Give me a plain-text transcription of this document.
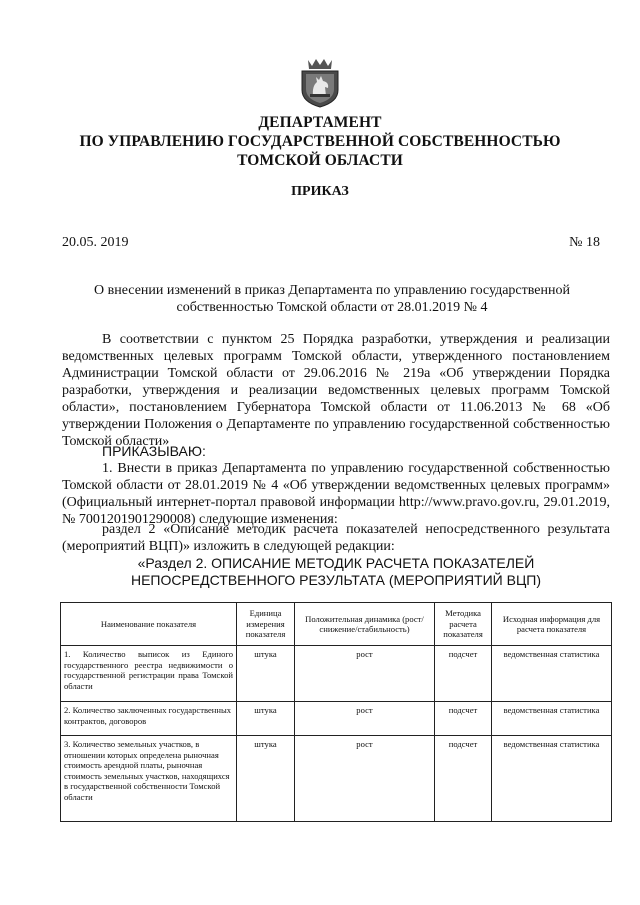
ДЕПАРТАМЕНТ
ПО УПРАВЛЕНИЮ ГОСУДАРСТВЕННОЙ СОБСТВЕННОСТЬЮ
ТОМСКОЙ ОБЛАСТИ
ПРИКАЗ
20.05. 2019	№ 18
О внесении изменений в приказ Департамента по управлению государственной
собственностью Томской области от 28.01.2019 № 4
В соответствии с пунктом 25 Порядка разработки, утверждения и реализации ведомственных целевых программ Томской области, утвержденного постановлением Администрации Томской области от 29.06.2016 № 219а «Об утверждении Порядка разработки, утверждения и реализации ведомственных целевых программ Томской области», постановлением Губернатора Томской области от 11.06.2013 № 68 «Об утверждении Положения о Департаменте по управлению государственной собственностью Томской области»
ПРИКАЗЫВАЮ:
1. Внести в приказ Департамента по управлению государственной собственностью Томской области от 28.01.2019 № 4 «Об утверждении ведомственных целевых программ» (Официальный интернет-портал правовой информации http://www.pravo.gov.ru, 29.01.2019, № 7001201901290008) следующие изменения:
раздел 2 «Описание методик расчета показателей непосредственного результата (мероприятий ВЦП)» изложить в следующей редакции:
«Раздел 2. ОПИСАНИЕ МЕТОДИК РАСЧЕТА ПОКАЗАТЕЛЕЙ
НЕПОСРЕДСТВЕННОГО РЕЗУЛЬТАТА (МЕРОПРИЯТИЙ ВЦП)
Наименование показателя	Единица измерения показателя	Положительная динамика (рост/снижение/стабильность)	Методика расчета показателя	Исходная информация для расчета показателя
1. Количество выписок из Единого государственного реестра недвижимости о государственной регистрации права Томской области	штука	рост	подсчет	ведомственная статистика
2. Количество заключенных государственных контрактов, договоров	штука	рост	подсчет	ведомственная статистика
3. Количество земельных участков, в отношении которых определена рыночная стоимость арендной платы, рыночная стоимость земельных участков, находящихся в государственной собственности Томской области	штука	рост	подсчет	ведомственная статистика
